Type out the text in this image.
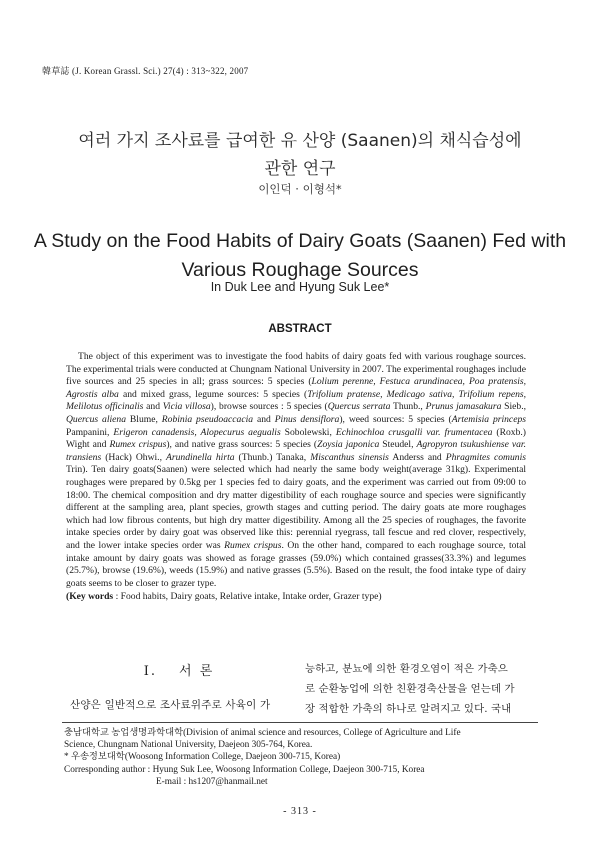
韓草誌 (J. Korean Grassl. Sci.) 27(4) : 313~322, 2007
여러 가지 조사료를 급여한 유 산양 (Saanen)의 채식습성에
관한 연구
이인덕 · 이형석*
A Study on the Food Habits of Dairy Goats (Saanen) Fed with
Various Roughage Sources
In Duk Lee and Hyung Suk Lee*
ABSTRACT

The object of this experiment was to investigate the food habits of dairy goats fed with various roughage sources. The experimental trials were conducted at Chungnam National University in 2007. The experimental roughages include five sources and 25 species in all; grass sources: 5 species (Lolium perenne, Festuca arundinacea, Poa pratensis, Agrostis alba and mixed grass, legume sources: 5 species (Trifolium pratense, Medicago sativa, Trifolium repens, Melilotus officinalis and Vicia villosa), browse sources : 5 species (Quercus serrata Thunb., Prunus jamasakura Sieb., Quercus aliena Blume, Robinia pseudoaccacia and Pinus densiflora), weed sources: 5 species (Artemisia princeps Pampanini, Erigeron canadensis, Alopecurus aegualis Sobolewski, Echinochloa crusgalli var. frumentacea (Roxb.) Wight and Rumex crispus), and native grass sources: 5 species (Zoysia japonica Steudel, Agropyron tsukushiense var. transiens (Hack) Ohwi., Arundinella hirta (Thunb.) Tanaka, Miscanthus sinensis Anderss and Phragmites comunis Trin). Ten dairy goats(Saanen) were selected which had nearly the same body weight(average 31kg). Experimental roughages were prepared by 0.5kg per 1 species fed to dairy goats, and the experiment was carried out from 09:00 to 18:00. The chemical composition and dry matter digestibility of each roughage source and species were significantly different at the sampling area, plant species, growth stages and cutting period. The dairy goats ate more roughages which had low fibrous contents, but high dry matter digestibility. Among all the 25 species of roughages, the favorite intake species order by dairy goat was observed like this: perennial ryegrass, tall fescue and red clover, respectively, and the lower intake species order was Rumex crispus. On the other hand, compared to each roughage source, total intake amount by dairy goats was showed as forage grasses (59.0%) which contained grasses(33.3%) and legumes (25.7%), browse (19.6%), weeds (15.9%) and native grasses (5.5%). Based on the result, the food intake type of dairy goats seems to be closer to grazer type.

(Key words : Food habits, Dairy goats, Relative intake, Intake order, Grazer type)
Ⅰ. 서 론
산양은 일반적으로 조사료위주로 사육이 가
능하고, 분뇨에 의한 환경오염이 적은 가축으
로 순환농업에 의한 친환경축산물을 얻는데 가
장 적합한 가축의 하나로 알려지고 있다. 국내
충남대학교 농업생명과학대학(Division of animal science and resources, College of Agriculture and Life
Science, Chungnam National University, Daejeon 305-764, Korea.
* 우송정보대학(Woosong Information College, Daejeon 300-715, Korea)
Corresponding author : Hyung Suk Lee, Woosong Information College, Daejeon 300-715, Korea
E-mail : hs1207@hanmail.net
- 313 -
